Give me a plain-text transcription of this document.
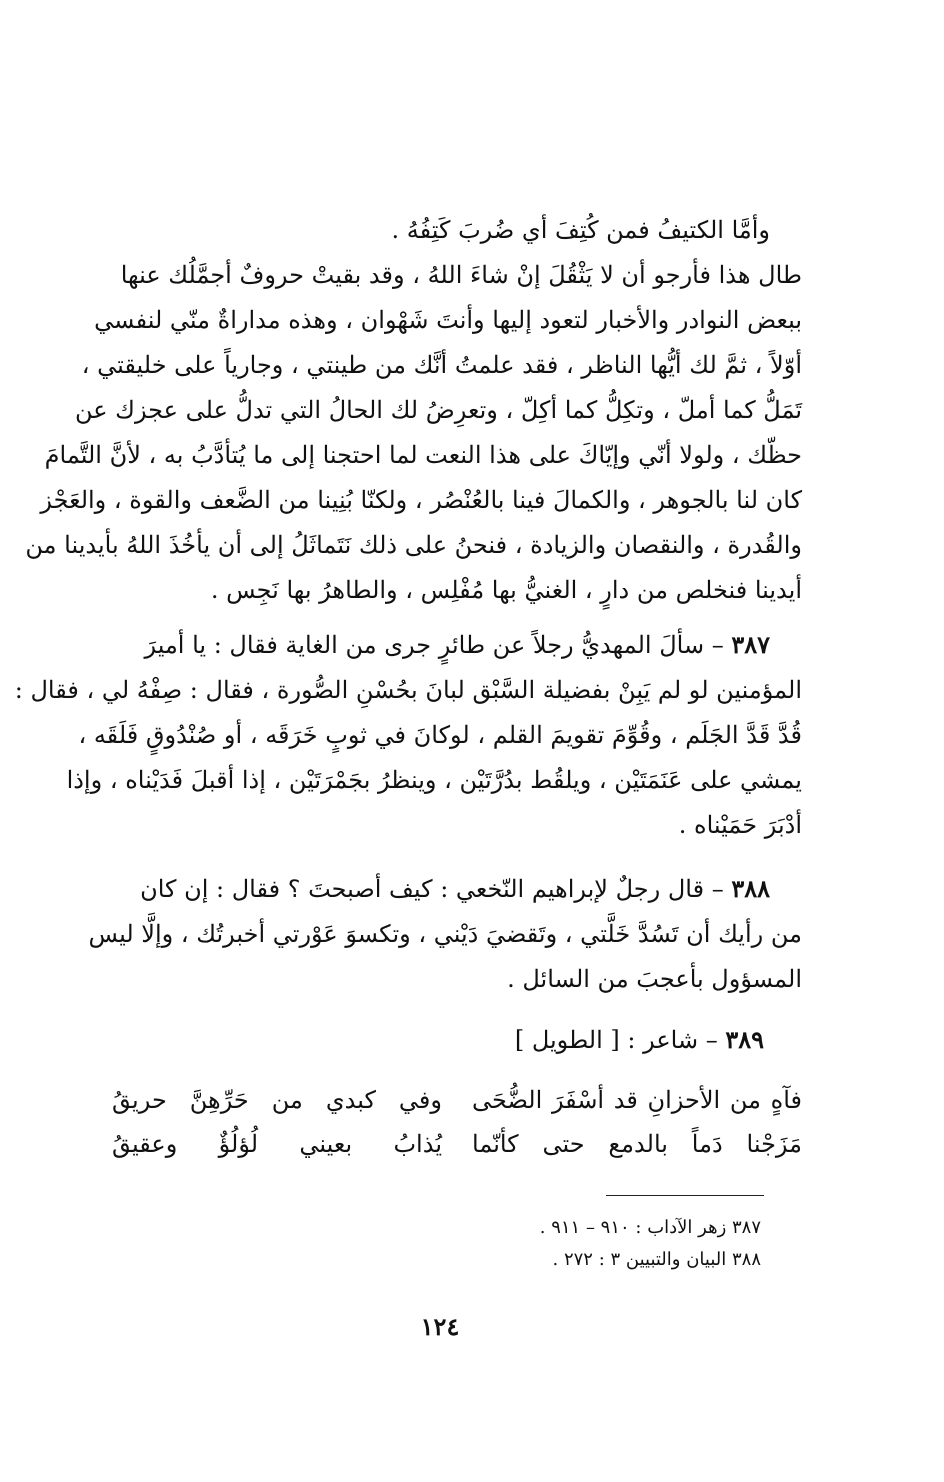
وأمَّا الكتيفُ فمن كُتِفَ أي ضُربَ كَتِفُهُ .
طال هذا فأرجو أن لا يَثْقُلَ إنْ شاءَ اللهُ ، وقد بقيتْ حروفٌ أجمَّلُك عنها
ببعض النوادر والأخبار لتعود إليها وأنتَ شَهْوان ، وهذه مداراةٌ منّي لنفسي
أوّلاً ، ثمَّ لك أيُّها الناظر ، فقد علمتُ أنَّك من طينتي ، وجارياً على خليقتي ،
تَمَلُّ كما أملّ ، وتكِلُّ كما أكِلّ ، وتعرِضُ لك الحالُ التي تدلُّ على عجزك عن
حظّك ، ولولا أنّي وإيّاكَ على هذا النعت لما احتجنا إلى ما يُتأدَّبُ به ، لأنَّ التَّمامَ
كان لنا بالجوهر ، والكمالَ فينا بالعُنْصُر ، ولكنّا بُنِينا من الضَّعف والقوة ، والعَجْز
والقُدرة ، والنقصان والزيادة ، فنحنُ على ذلك نَتَماثَلُ إلى أن يأخُذَ اللهُ بأيدينا من
أيدينا فنخلص من دارٍ ، الغنيُّ بها مُفْلِس ، والطاهرُ بها نَجِس .
٣٨٧ – سألَ المهديُّ رجلاً عن طائرٍ جرى من الغاية فقال : يا أميرَ
المؤمنين لو لم يَبِنْ بفضيلة السَّبْق لبانَ بحُسْنِ الصُّورة ، فقال : صِفْهُ لي ، فقال :
قُدَّ قَدَّ الجَلَم ، وقُوِّمَ تقويمَ القلم ، لوكانَ في ثوبٍ خَرَقَه ، أو صُنْدُوقٍ فَلَقَه ،
يمشي على عَنَمَتَيْن ، ويلقُط بدُرَّتَيْن ، وينظرُ بجَمْرَتَيْن ، إذا أقبلَ فَدَيْناه ، وإذا
أدْبَرَ حَمَيْناه .
٣٨٨ – قال رجلٌ لإبراهيم النّخعي : كيف أصبحتَ ؟ فقال : إن كان
من رأيك أن تَسُدَّ خَلَّتي ، وتَقضيَ دَيْني ، وتكسوَ عَوْرتي أخبرتُك ، وإلَّا ليس
المسؤول بأعجبَ من السائل .
٣٨٩ – شاعر : [ الطويل ]
فآهٍ من الأحزانِ قد أسْفَرَ الضُّحَى
وفي كبدي من حَرِّهِنَّ حريقُ
مَزَجْنا دَماً بالدمع حتى كأنّما
يُذابُ بعيني لُؤلُؤٌ وعقيقُ
٣٨٧ زهر الآداب : ٩١٠ – ٩١١ .
٣٨٨ البيان والتبيين ٣ : ٢٧٢ .
١٢٤
